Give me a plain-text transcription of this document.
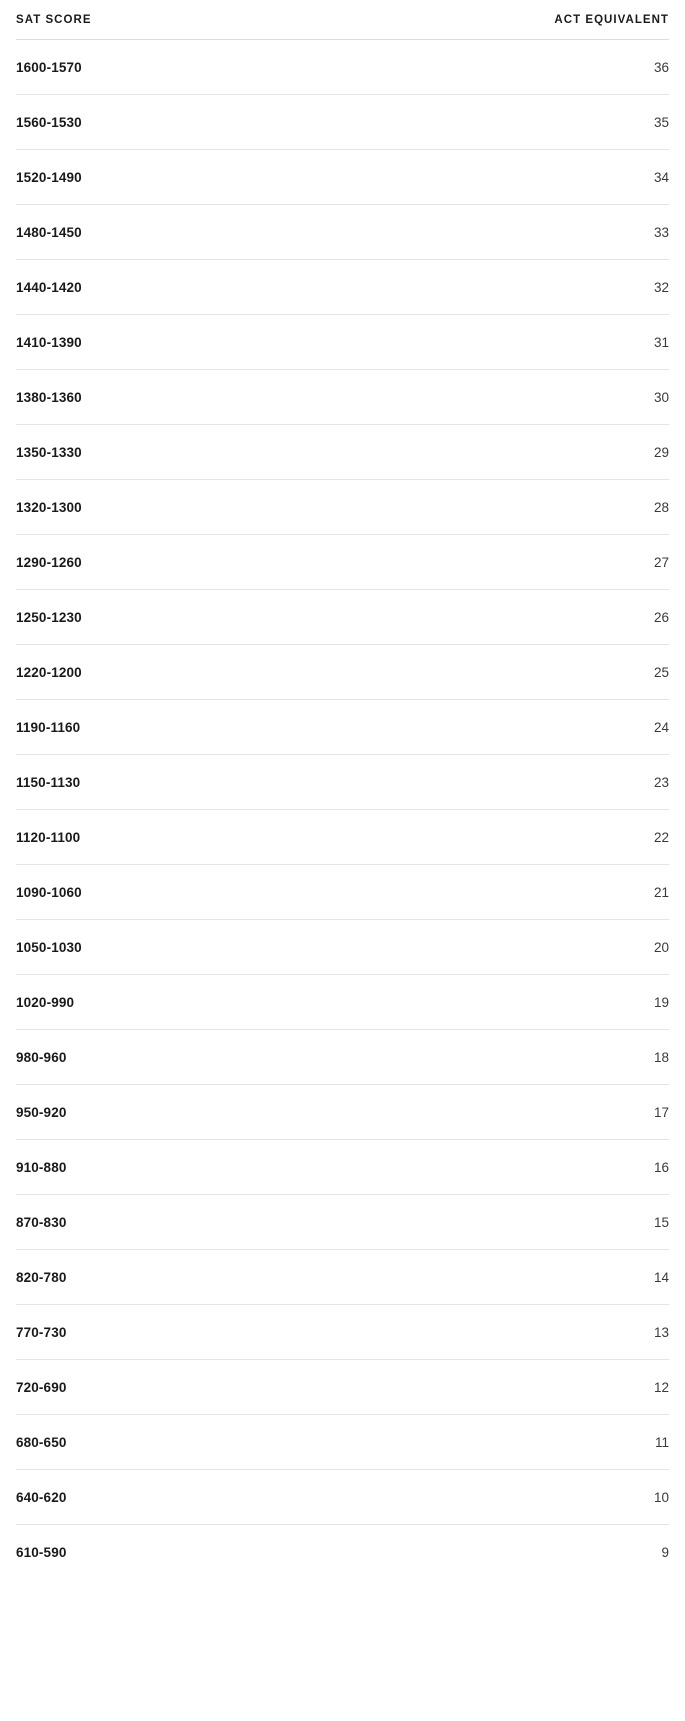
SAT SCORE	ACT EQUIVALENT
1600-1570	36
1560-1530	35
1520-1490	34
1480-1450	33
1440-1420	32
1410-1390	31
1380-1360	30
1350-1330	29
1320-1300	28
1290-1260	27
1250-1230	26
1220-1200	25
1190-1160	24
1150-1130	23
1120-1100	22
1090-1060	21
1050-1030	20
1020-990	19
980-960	18
950-920	17
910-880	16
870-830	15
820-780	14
770-730	13
720-690	12
680-650	11
640-620	10
610-590	9
